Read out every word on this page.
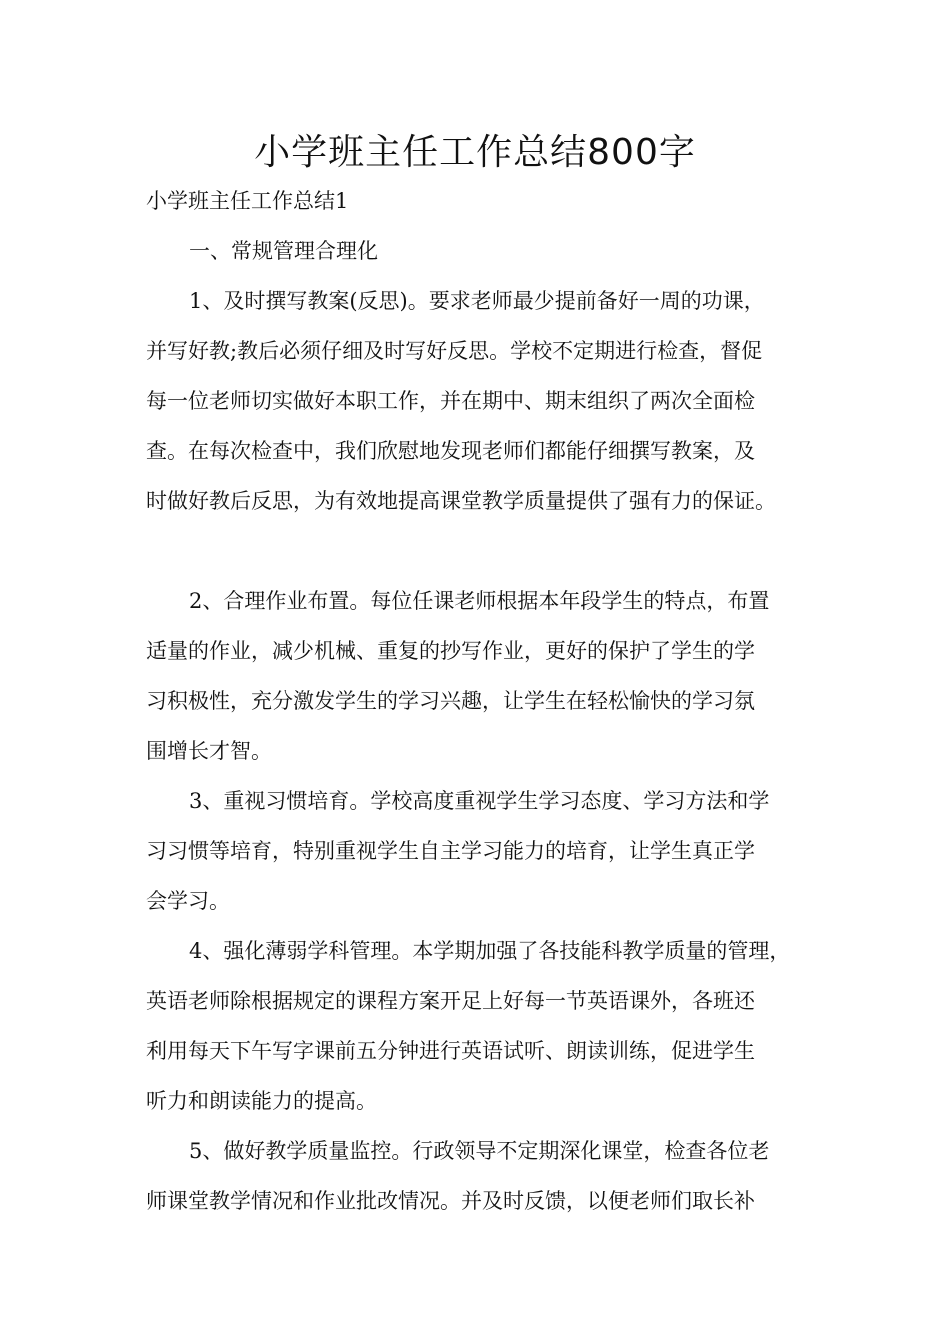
小学班主任工作总结800字

小学班主任工作总结1

一、常规管理合理化

1、及时撰写教案(反思)。要求老师最少提前备好一周的功课，

并写好教;教后必须仔细及时写好反思。学校不定期进行检查，督促

每一位老师切实做好本职工作，并在期中、期末组织了两次全面检

查。在每次检查中，我们欣慰地发现老师们都能仔细撰写教案，及

时做好教后反思，为有效地提高课堂教学质量提供了强有力的保证。

2、合理作业布置。每位任课老师根据本年段学生的特点，布置

适量的作业，减少机械、重复的抄写作业，更好的保护了学生的学

习积极性，充分激发学生的学习兴趣，让学生在轻松愉快的学习氛

围增长才智。

3、重视习惯培育。学校高度重视学生学习态度、学习方法和学

习习惯等培育，特别重视学生自主学习能力的培育，让学生真正学

会学习。

4、强化薄弱学科管理。本学期加强了各技能科教学质量的管理，

英语老师除根据规定的课程方案开足上好每一节英语课外，各班还

利用每天下午写字课前五分钟进行英语试听、朗读训练，促进学生

听力和朗读能力的提高。

5、做好教学质量监控。行政领导不定期深化课堂，检查各位老

师课堂教学情况和作业批改情况。并及时反馈，以便老师们取长补
